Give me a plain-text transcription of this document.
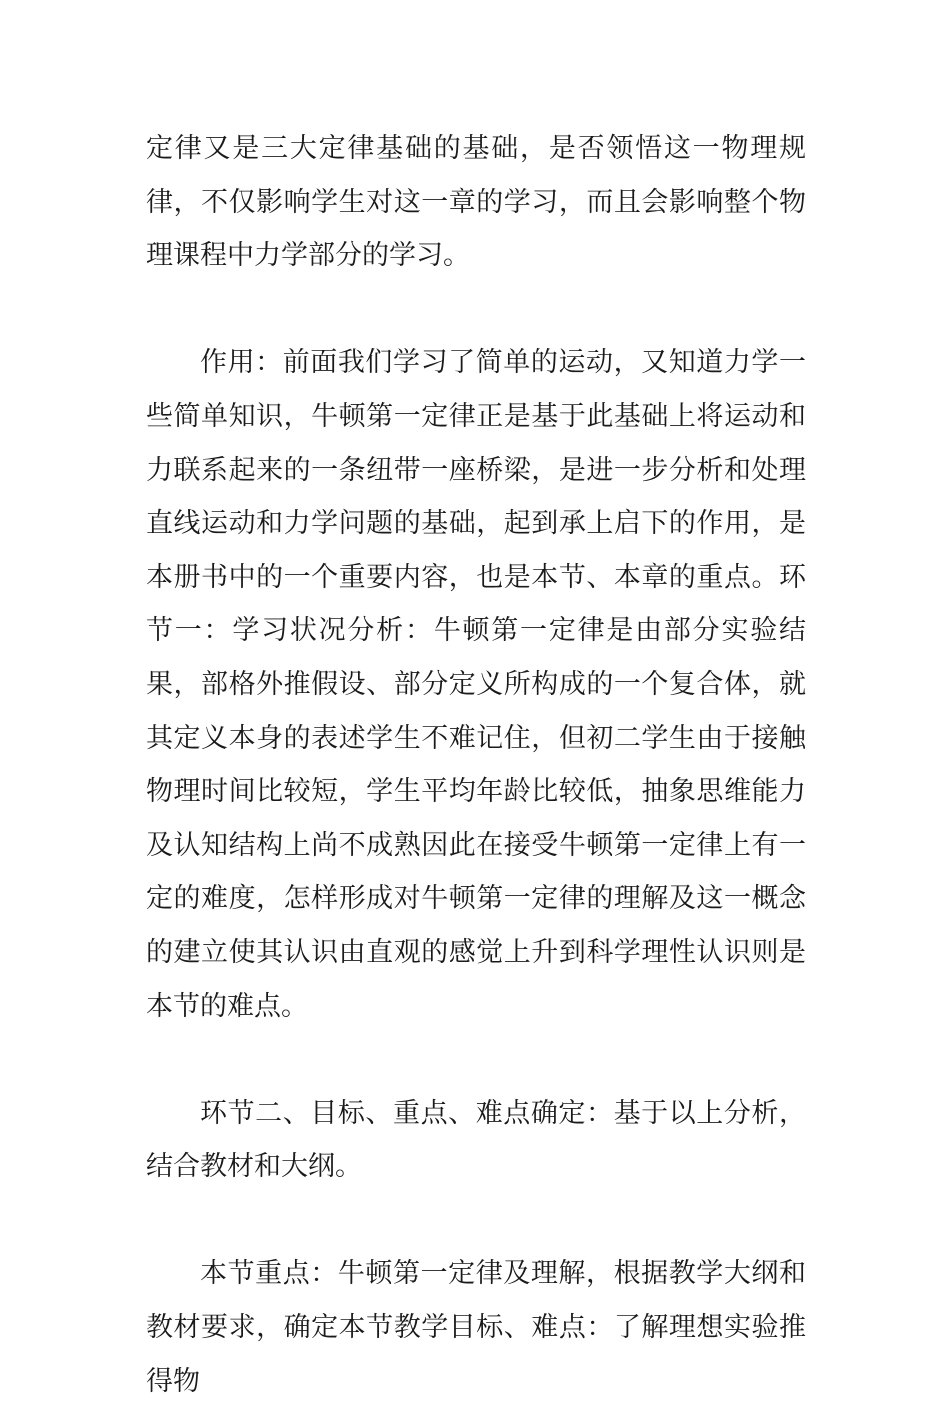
定律又是三大定律基础的基础，是否领悟这一物理规律，不仅影响学生对这一章的学习，而且会影响整个物理课程中力学部分的学习。

作用：前面我们学习了简单的运动，又知道力学一些简单知识，牛顿第一定律正是基于此基础上将运动和力联系起来的一条纽带一座桥梁，是进一步分析和处理直线运动和力学问题的基础，起到承上启下的作用，是本册书中的一个重要内容，也是本节、本章的重点。环节一：学习状况分析：牛顿第一定律是由部分实验结果，部格外推假设、部分定义所构成的一个复合体，就其定义本身的表述学生不难记住，但初二学生由于接触物理时间比较短，学生平均年龄比较低，抽象思维能力及认知结构上尚不成熟因此在接受牛顿第一定律上有一定的难度，怎样形成对牛顿第一定律的理解及这一概念的建立使其认识由直观的感觉上升到科学理性认识则是本节的难点。

环节二、目标、重点、难点确定：基于以上分析，结合教材和大纲。

本节重点：牛顿第一定律及理解，根据教学大纲和教材要求，确定本节教学目标、难点：了解理想实验推得物
